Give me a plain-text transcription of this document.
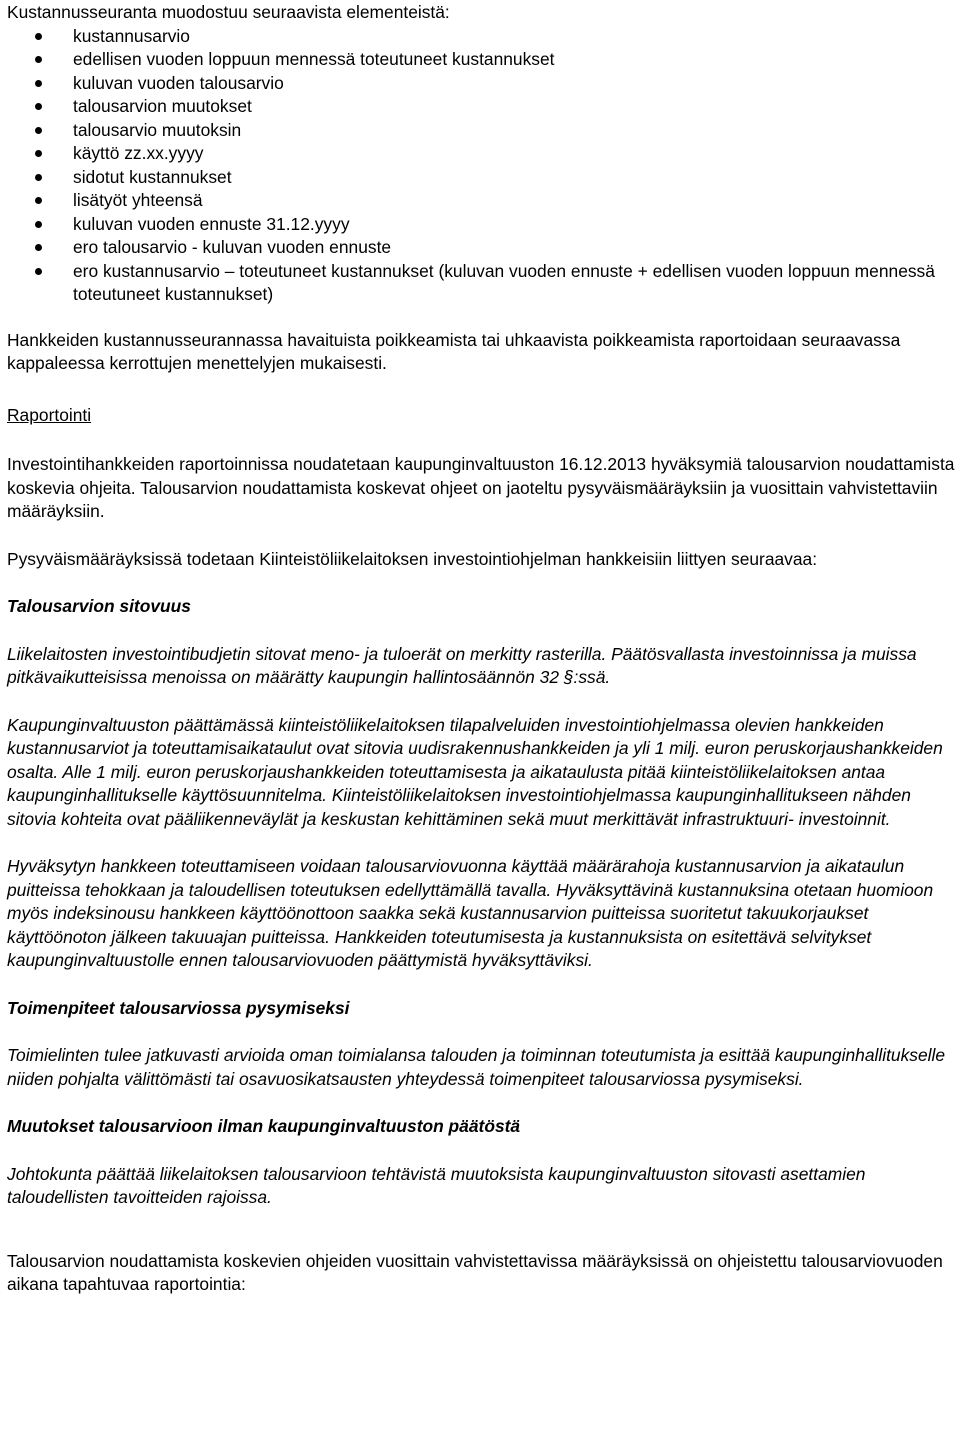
Kustannusseuranta muodostuu seuraavista elementeistä:

kustannusarvio
edellisen vuoden loppuun mennessä toteutuneet kustannukset
kuluvan vuoden talousarvio
talousarvion muutokset
talousarvio muutoksin
käyttö zz.xx.yyyy
sidotut kustannukset
lisätyöt yhteensä
kuluvan vuoden ennuste 31.12.yyyy
ero talousarvio - kuluvan vuoden ennuste
ero kustannusarvio – toteutuneet kustannukset (kuluvan vuoden ennuste + edellisen vuoden loppuun mennessä toteutuneet kustannukset)

Hankkeiden kustannusseurannassa havaituista poikkeamista tai uhkaavista poikkeamista raportoidaan seuraavassa kappaleessa kerrottujen menettelyjen mukaisesti.

Raportointi

Investointihankkeiden raportoinnissa noudatetaan kaupunginvaltuuston 16.12.2013 hyväksymiä talousarvion noudattamista koskevia ohjeita. Talousarvion noudattamista koskevat ohjeet on jaoteltu pysyväismääräyksiin ja vuosittain vahvistettaviin määräyksiin.

Pysyväismääräyksissä todetaan Kiinteistöliikelaitoksen investointiohjelman hankkeisiin liittyen seuraavaa:

Talousarvion sitovuus

Liikelaitosten investointibudjetin sitovat meno- ja tuloerät on merkitty rasterilla. Päätösvallasta investoinnissa ja muissa pitkävaikutteisissa menoissa on määrätty kaupungin hallintosäännön 32 §:ssä.

Kaupunginvaltuuston päättämässä kiinteistöliikelaitoksen tilapalveluiden investointiohjelmassa olevien hankkeiden kustannusarviot ja toteuttamisaikataulut ovat sitovia uudisrakennushankkeiden ja yli 1 milj. euron peruskorjaushankkeiden osalta. Alle 1 milj. euron peruskorjaushankkeiden toteuttamisesta ja aikataulusta pitää kiinteistöliikelaitoksen antaa kaupunginhallitukselle käyttösuunnitelma. Kiinteistöliikelaitoksen investointiohjelmassa kaupunginhallitukseen nähden sitovia kohteita ovat pääliikenneväylät ja keskustan kehittäminen sekä muut merkittävät infrastruktuuri- investoinnit.

Hyväksytyn hankkeen toteuttamiseen voidaan talousarviovuonna käyttää määrärahoja kustannusarvion ja aikataulun puitteissa tehokkaan ja taloudellisen toteutuksen edellyttämällä tavalla. Hyväksyttävinä kustannuksina otetaan huomioon myös indeksinousu hankkeen käyttöönottoon saakka sekä kustannusarvion puitteissa suoritetut takuukorjaukset käyttöönoton jälkeen takuuajan puitteissa. Hankkeiden toteutumisesta ja kustannuksista on esitettävä selvitykset kaupunginvaltuustolle ennen talousarviovuoden päättymistä hyväksyttäviksi.

Toimenpiteet talousarviossa pysymiseksi

Toimielinten tulee jatkuvasti arvioida oman toimialansa talouden ja toiminnan toteutumista ja esittää kaupunginhallitukselle niiden pohjalta välittömästi tai osavuosikatsausten yhteydessä toimenpiteet talousarviossa pysymiseksi.

Muutokset talousarvioon ilman kaupunginvaltuuston päätöstä

Johtokunta päättää liikelaitoksen talousarvioon tehtävistä muutoksista kaupunginvaltuuston sitovasti asettamien taloudellisten tavoitteiden rajoissa.

Talousarvion noudattamista koskevien ohjeiden vuosittain vahvistettavissa määräyksissä on ohjeistettu talousarviovuoden aikana tapahtuvaa raportointia:
